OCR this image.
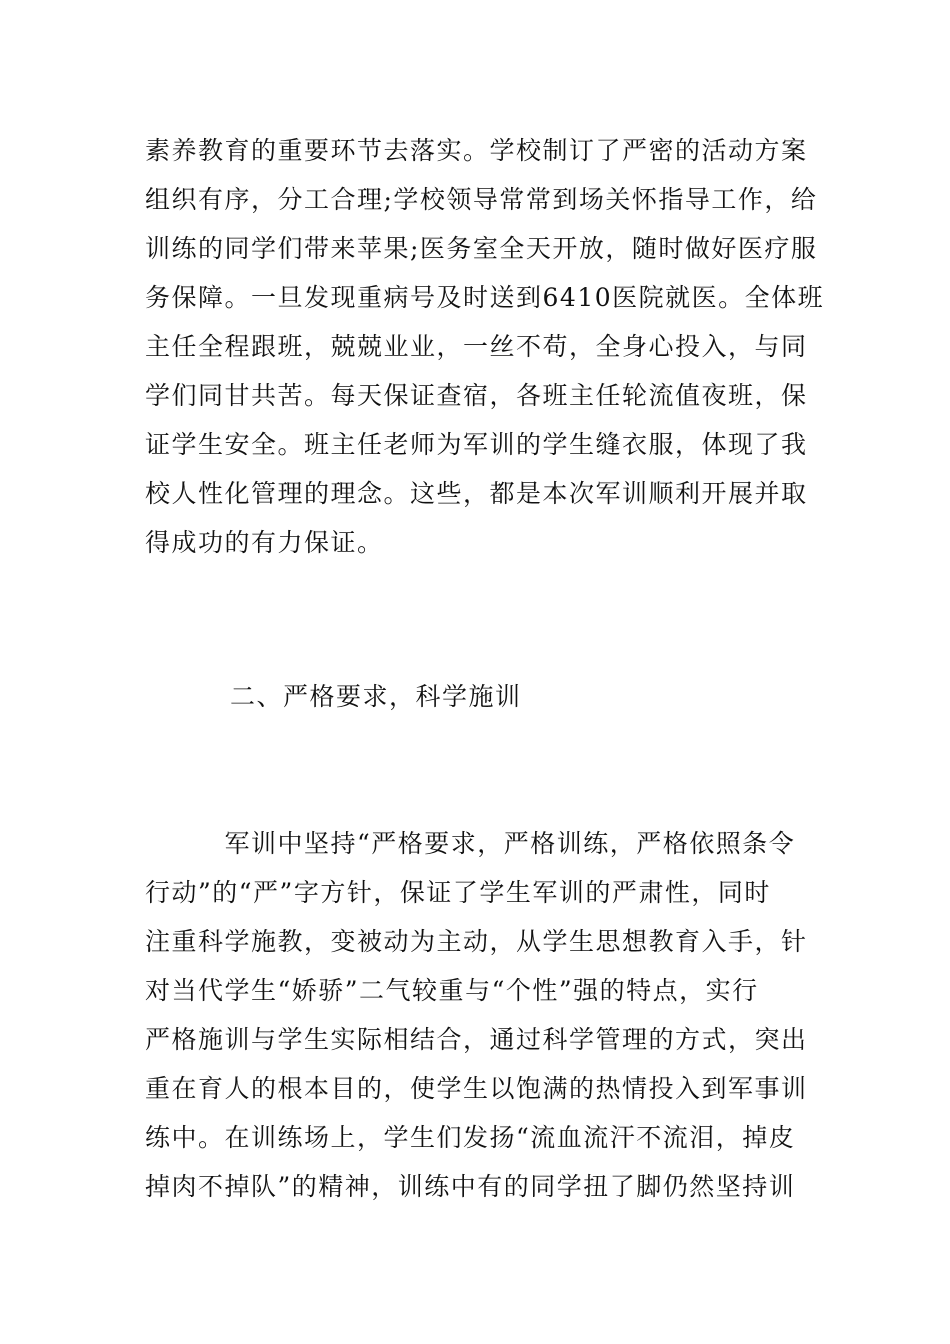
素养教育的重要环节去落实。学校制订了严密的活动方案
组织有序，分工合理;学校领导常常到场关怀指导工作，给
训练的同学们带来苹果;医务室全天开放，随时做好医疗服
务保障。一旦发现重病号及时送到6410医院就医。全体班
主任全程跟班，兢兢业业，一丝不苟，全身心投入，与同
学们同甘共苦。每天保证查宿，各班主任轮流值夜班，保
证学生安全。班主任老师为军训的学生缝衣服，体现了我
校人性化管理的理念。这些，都是本次军训顺利开展并取
得成功的有力保证。
二、严格要求，科学施训
　　　军训中坚持“严格要求，严格训练，严格依照条令
行动”的“严”字方针，保证了学生军训的严肃性，同时
注重科学施教，变被动为主动，从学生思想教育入手，针
对当代学生“娇骄”二气较重与“个性”强的特点，实行
严格施训与学生实际相结合，通过科学管理的方式，突出
重在育人的根本目的，使学生以饱满的热情投入到军事训
练中。在训练场上，学生们发扬“流血流汗不流泪，掉皮
掉肉不掉队”的精神，训练中有的同学扭了脚仍然坚持训
